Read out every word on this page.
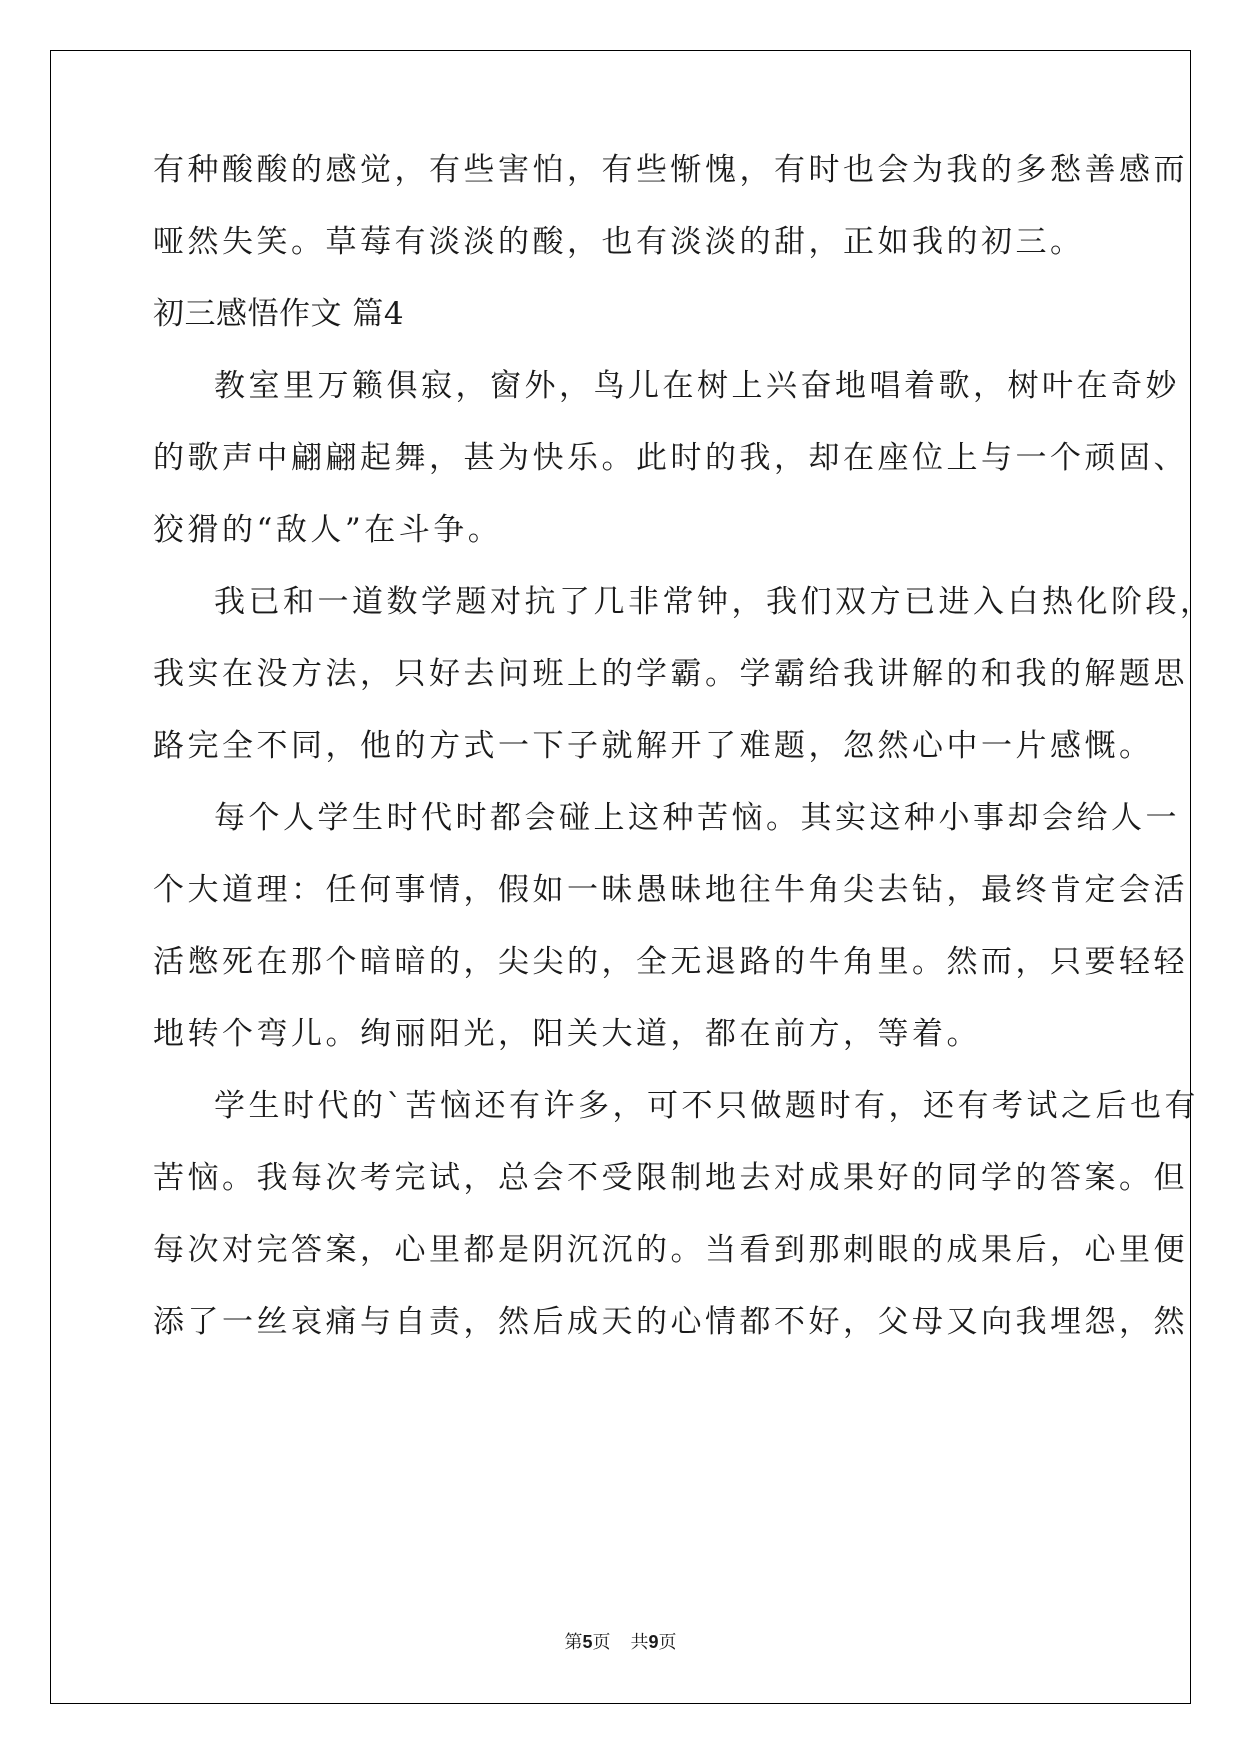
有种酸酸的感觉，有些害怕，有些惭愧，有时也会为我的多愁善感而

哑然失笑。草莓有淡淡的酸，也有淡淡的甜，正如我的初三。

初三感悟作文 篇4

教室里万籁俱寂，窗外，鸟儿在树上兴奋地唱着歌，树叶在奇妙

的歌声中翩翩起舞，甚为快乐。此时的我，却在座位上与一个顽固、

狡猾的“敌人”在斗争。

我已和一道数学题对抗了几非常钟，我们双方已进入白热化阶段，

我实在没方法，只好去问班上的学霸。学霸给我讲解的和我的解题思

路完全不同，他的方式一下子就解开了难题，忽然心中一片感慨。

每个人学生时代时都会碰上这种苦恼。其实这种小事却会给人一

个大道理：任何事情，假如一昧愚昧地往牛角尖去钻，最终肯定会活

活憋死在那个暗暗的，尖尖的，全无退路的牛角里。然而，只要轻轻

地转个弯儿。绚丽阳光，阳关大道，都在前方，等着。

学生时代的`苦恼还有许多，可不只做题时有，还有考试之后也有

苦恼。我每次考完试，总会不受限制地去对成果好的同学的答案。但

每次对完答案，心里都是阴沉沉的。当看到那刺眼的成果后，心里便

添了一丝哀痛与自责，然后成天的心情都不好，父母又向我埋怨，然

第5页 共9页
